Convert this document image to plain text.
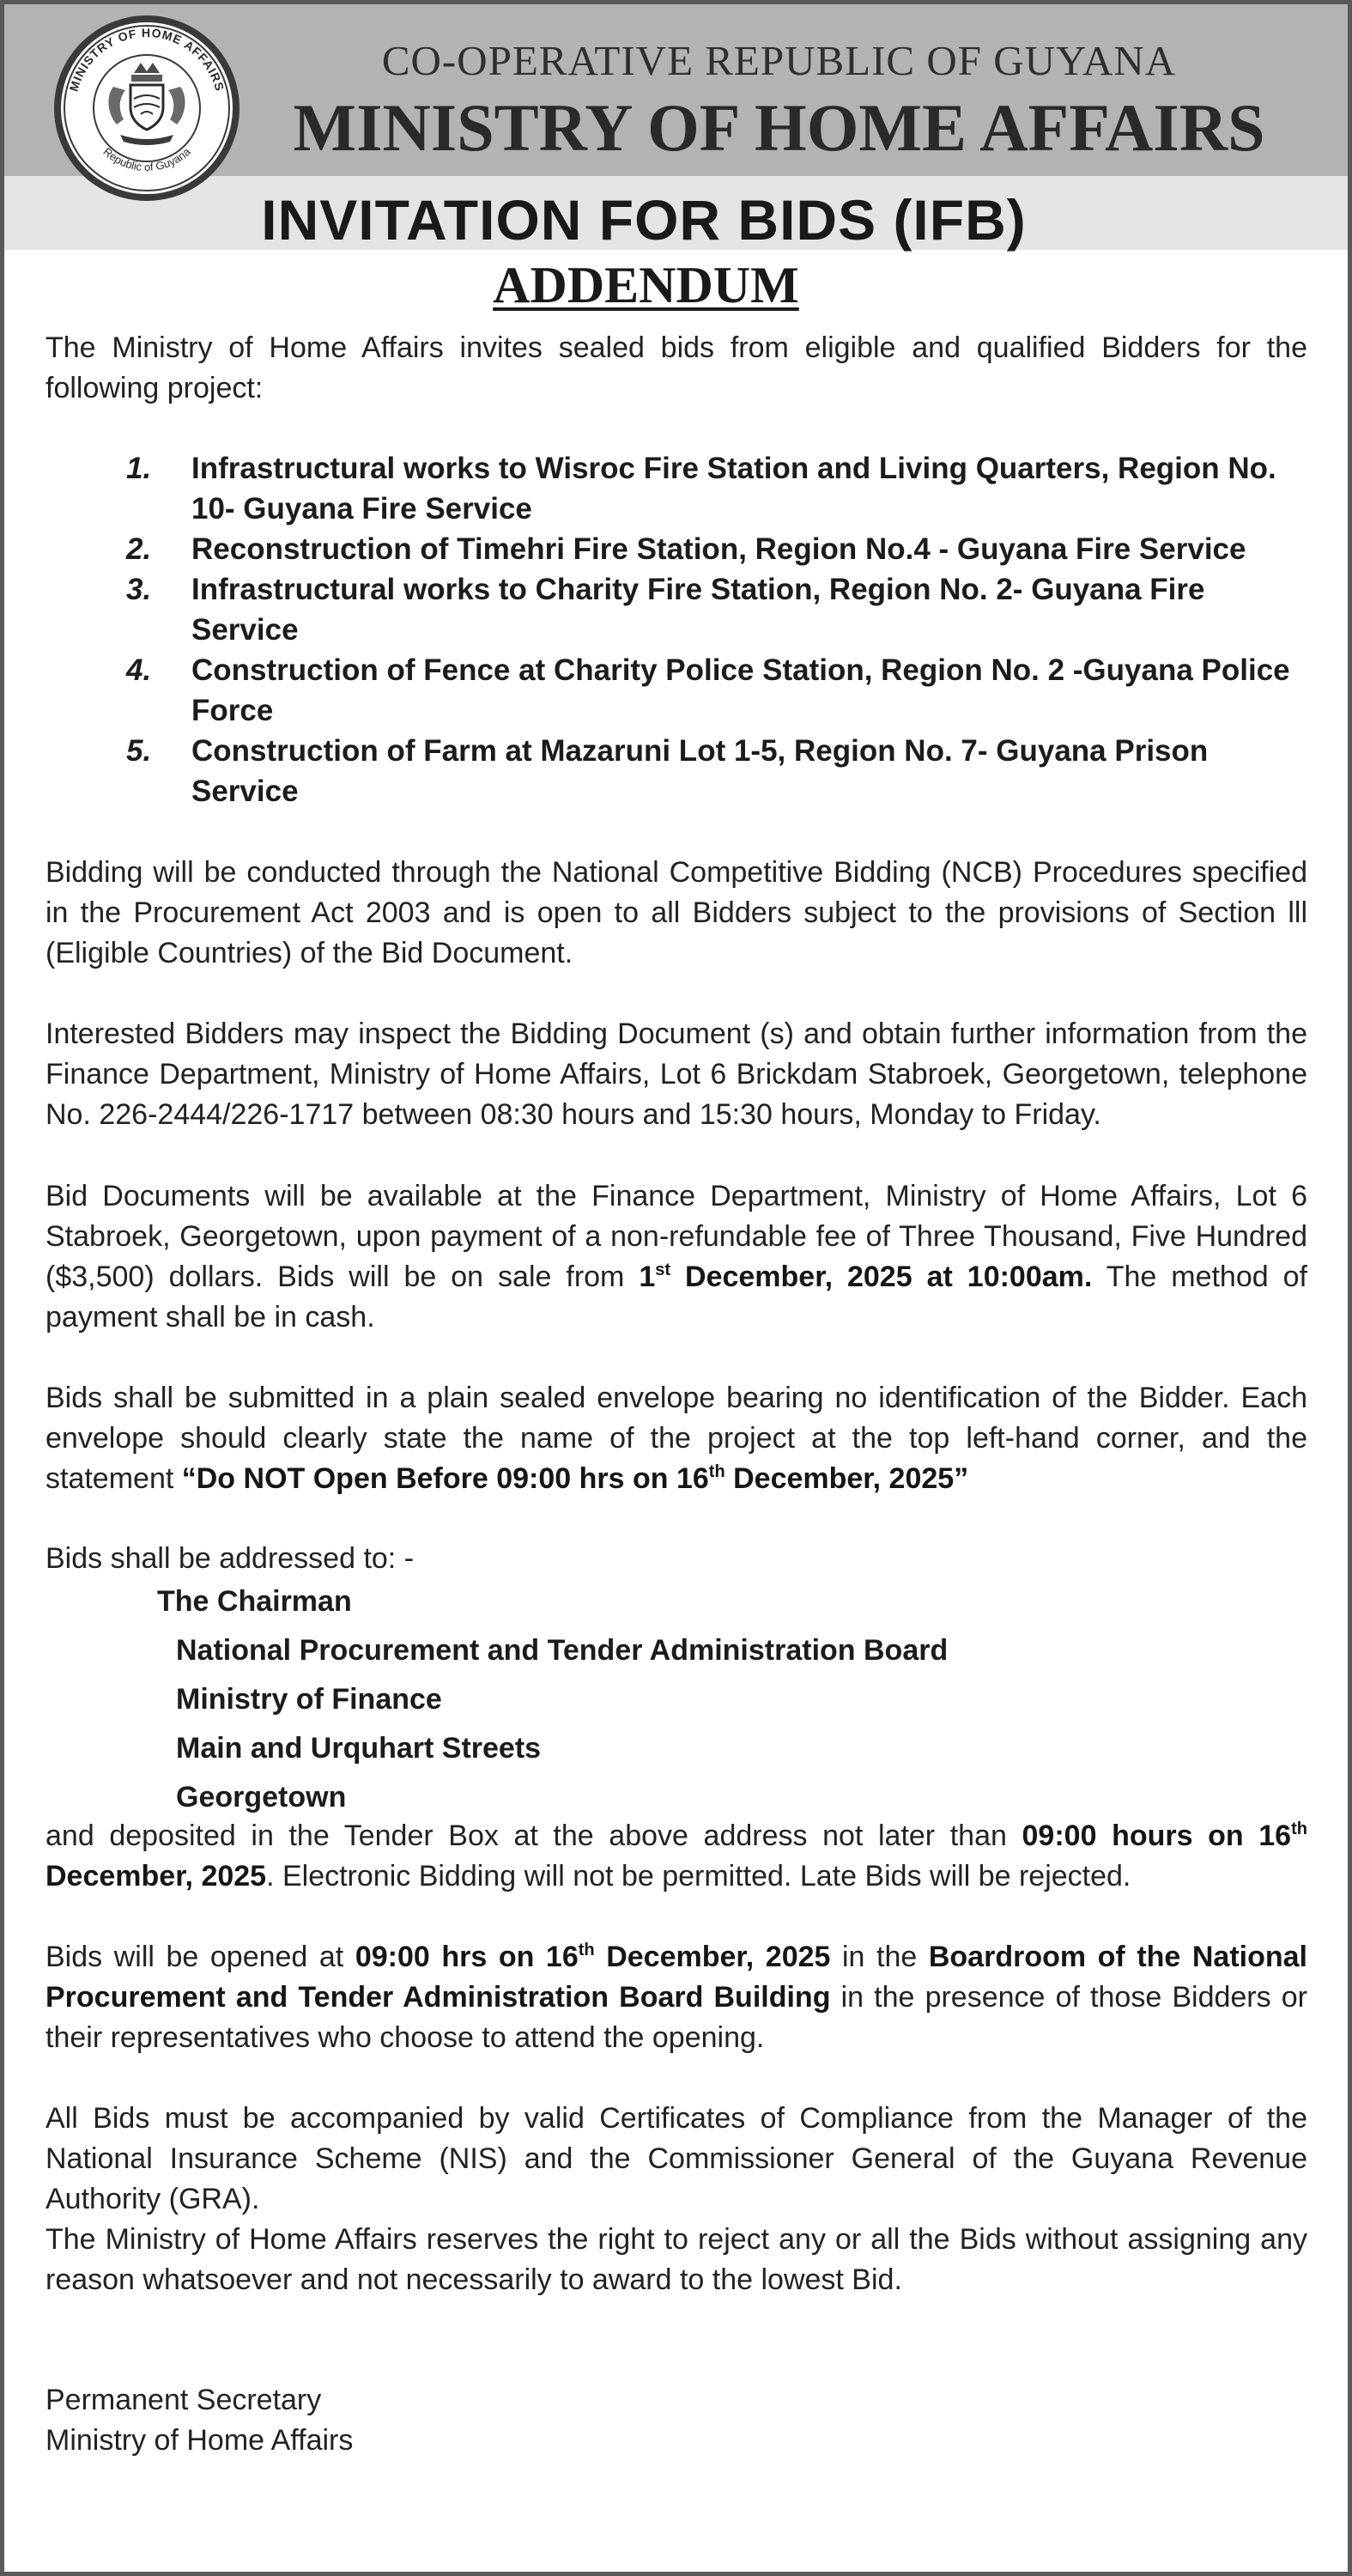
MINISTRY OF HOME AFFAIRS
Republic of Guyana
CO-OPERATIVE REPUBLIC OF GUYANA
MINISTRY OF HOME AFFAIRS
INVITATION FOR BIDS (IFB)
ADDENDUM
The Ministry of Home Affairs invites sealed bids from eligible and qualified Bidders for the following project:
1.	Infrastructural works to Wisroc Fire Station and Living Quarters, Region No. 10- Guyana Fire Service
2.	Reconstruction of Timehri Fire Station, Region No.4 - Guyana Fire Service
3.	Infrastructural works to Charity Fire Station, Region No. 2- Guyana Fire Service
4.	Construction of Fence at Charity Police Station, Region No. 2 -Guyana Police Force
5.	Construction of Farm at Mazaruni Lot 1-5, Region No. 7- Guyana Prison Service
Bidding will be conducted through the National Competitive Bidding (NCB) Procedures specified in the Procurement Act 2003 and is open to all Bidders subject to the provisions of Section lll (Eligible Countries) of the Bid Document.
Interested Bidders may inspect the Bidding Document (s) and obtain further information from the Finance Department, Ministry of Home Affairs, Lot 6 Brickdam Stabroek, Georgetown, telephone No. 226-2444/226-1717 between 08:30 hours and 15:30 hours, Monday to Friday.
Bid Documents will be available at the Finance Department, Ministry of Home Affairs, Lot 6 Stabroek, Georgetown, upon payment of a non-refundable fee of Three Thousand, Five Hundred ($3,500) dollars. Bids will be on sale from 1st December, 2025 at 10:00am. The method of payment shall be in cash.
Bids shall be submitted in a plain sealed envelope bearing no identification of the Bidder. Each envelope should clearly state the name of the project at the top left-hand corner, and the statement “Do NOT Open Before 09:00 hrs on 16th December, 2025”
Bids shall be addressed to: -
The Chairman
National Procurement and Tender Administration Board
Ministry of Finance
Main and Urquhart Streets
Georgetown
and deposited in the Tender Box at the above address not later than 09:00 hours on 16th December, 2025. Electronic Bidding will not be permitted. Late Bids will be rejected.
Bids will be opened at 09:00 hrs on 16th December, 2025 in the Boardroom of the National Procurement and Tender Administration Board Building in the presence of those Bidders or their representatives who choose to attend the opening.
All Bids must be accompanied by valid Certificates of Compliance from the Manager of the National Insurance Scheme (NIS) and the Commissioner General of the Guyana Revenue Authority (GRA).
The Ministry of Home Affairs reserves the right to reject any or all the Bids without assigning any reason whatsoever and not necessarily to award to the lowest Bid.
Permanent Secretary
Ministry of Home Affairs
